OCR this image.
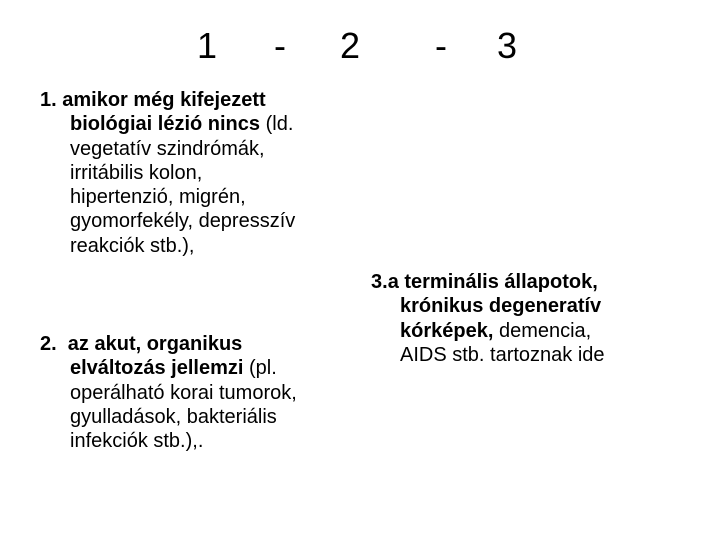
1 - 2 - 3
1. amikor még kifejezett
biológiai lézió nincs (ld.
vegetatív szindrómák,
irritábilis kolon,
hipertenzió, migrén,
gyomorfekély, depresszív
reakciók stb.),
2.  az akut, organikus
elváltozás jellemzi (pl.
operálható korai tumorok,
gyulladások, bakteriális
infekciók stb.),.
3.a terminális állapotok,
krónikus degeneratív
kórképek, demencia,
AIDS stb. tartoznak ide
